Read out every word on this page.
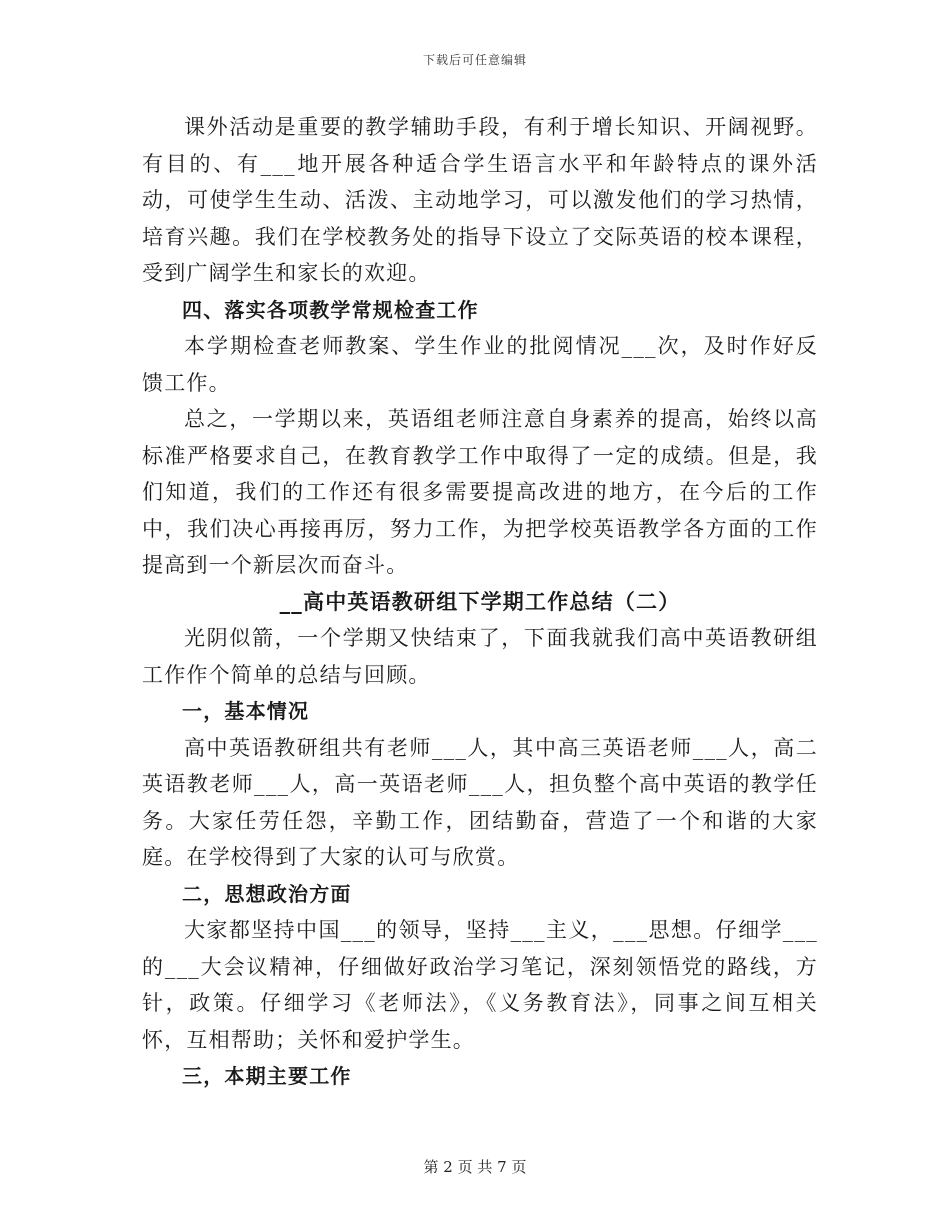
下载后可任意编辑

课外活动是重要的教学辅助手段，有利于增长知识、开阔视野。有目的、有___地开展各种适合学生语言水平和年龄特点的课外活动，可使学生生动、活泼、主动地学习，可以激发他们的学习热情，培育兴趣。我们在学校教务处的指导下设立了交际英语的校本课程，受到广阔学生和家长的欢迎。

四、落实各项教学常规检查工作

本学期检查老师教案、学生作业的批阅情况___次，及时作好反馈工作。

总之，一学期以来，英语组老师注意自身素养的提高，始终以高标准严格要求自己，在教育教学工作中取得了一定的成绩。但是，我们知道，我们的工作还有很多需要提高改进的地方，在今后的工作中，我们决心再接再厉，努力工作，为把学校英语教学各方面的工作提高到一个新层次而奋斗。

__高中英语教研组下学期工作总结（二）

光阴似箭，一个学期又快结束了，下面我就我们高中英语教研组工作作个简单的总结与回顾。

一，基本情况

高中英语教研组共有老师___人，其中高三英语老师___人，高二英语教老师___人，高一英语老师___人，担负整个高中英语的教学任务。大家任劳任怨，辛勤工作，团结勤奋，营造了一个和谐的大家庭。在学校得到了大家的认可与欣赏。

二，思想政治方面

大家都坚持中国___的领导，坚持___主义，___思想。仔细学___的___大会议精神，仔细做好政治学习笔记，深刻领悟党的路线，方针，政策。仔细学习《老师法》，《义务教育法》，同事之间互相关怀，互相帮助；关怀和爱护学生。

三，本期主要工作

第 2 页 共 7 页
